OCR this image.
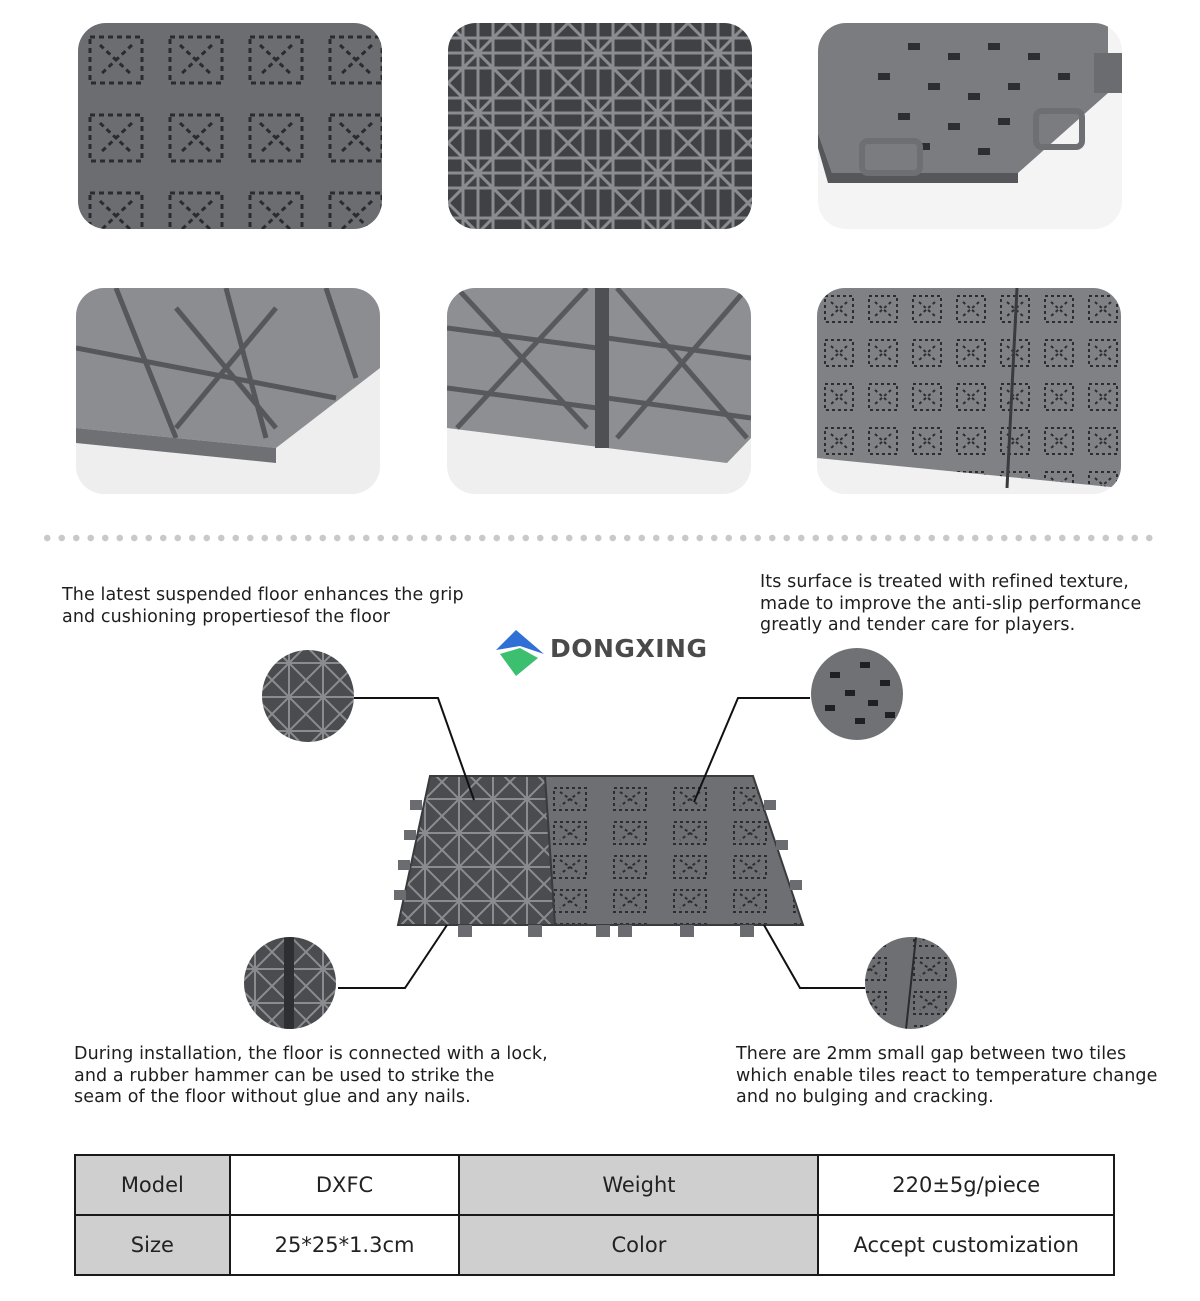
The latest suspended floor enhances the grip
and cushioning propertiesof the floor
Its surface is treated with refined texture,
made to improve the anti-slip performance
greatly and tender care for players.
During installation, the floor is connected with a lock,
and a rubber hammer can be used to strike the
seam of the floor without glue and any nails.
There are 2mm small gap between two tiles
which enable tiles react to temperature change
and no bulging and cracking.
DONGXING
Model	DXFC	Weight	220±5g/piece
Size	25*25*1.3cm	Color	Accept customization
